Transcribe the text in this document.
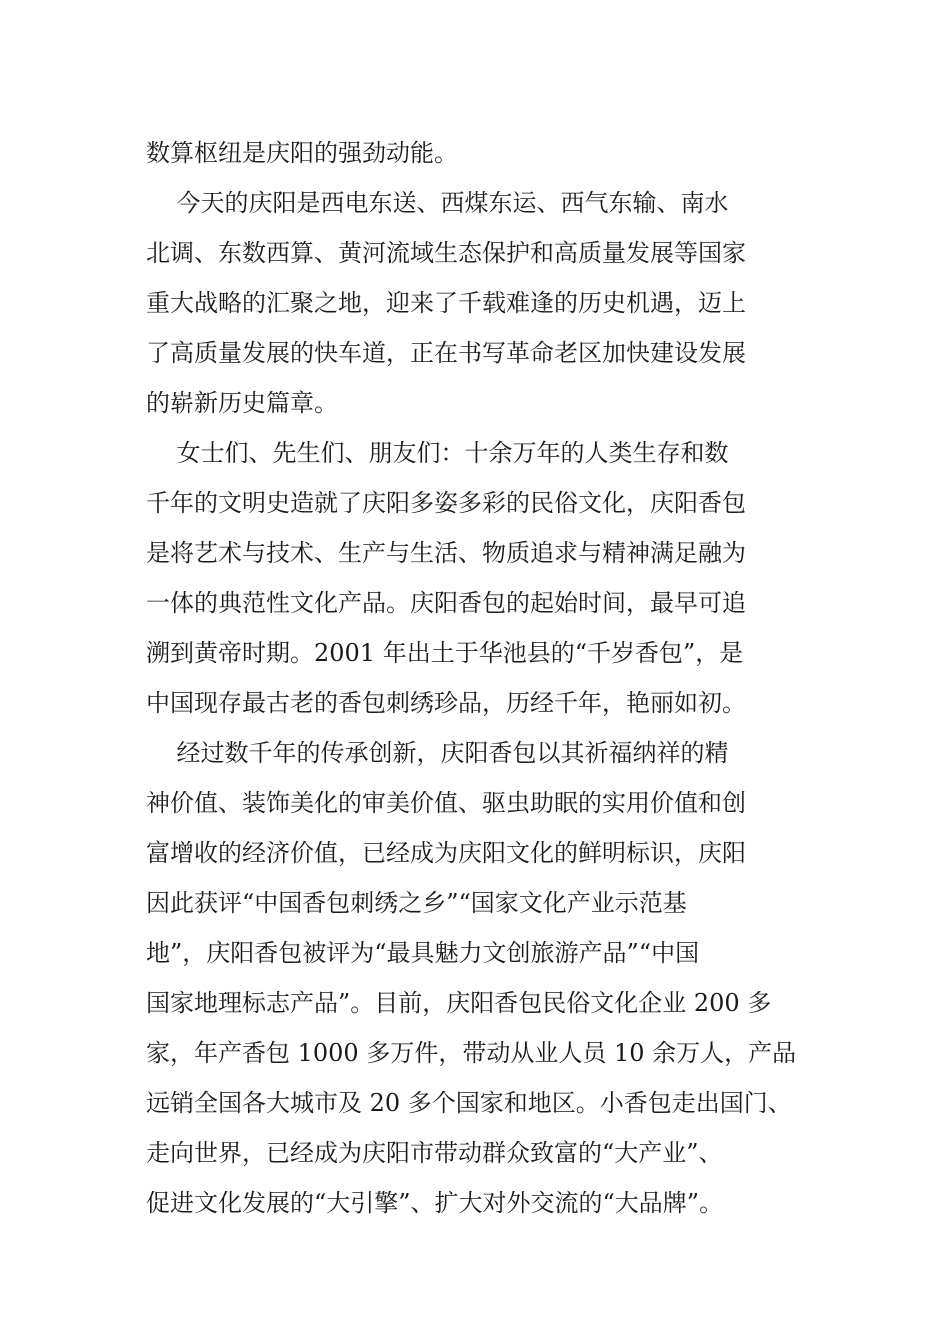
数算枢纽是庆阳的强劲动能。
今天的庆阳是西电东送、西煤东运、西气东输、南水
北调、东数西算、黄河流域生态保护和高质量发展等国家
重大战略的汇聚之地，迎来了千载难逢的历史机遇，迈上
了高质量发展的快车道，正在书写革命老区加快建设发展
的崭新历史篇章。
女士们、先生们、朋友们：十余万年的人类生存和数
千年的文明史造就了庆阳多姿多彩的民俗文化，庆阳香包
是将艺术与技术、生产与生活、物质追求与精神满足融为
一体的典范性文化产品。庆阳香包的起始时间，最早可追
溯到黄帝时期。2001 年出土于华池县的“千岁香包”，是
中国现存最古老的香包刺绣珍品，历经千年，艳丽如初。
经过数千年的传承创新，庆阳香包以其祈福纳祥的精
神价值、装饰美化的审美价值、驱虫助眠的实用价值和创
富增收的经济价值，已经成为庆阳文化的鲜明标识，庆阳
因此获评“中国香包刺绣之乡”“国家文化产业示范基
地”，庆阳香包被评为“最具魅力文创旅游产品”“中国
国家地理标志产品”。目前，庆阳香包民俗文化企业 200 多
家，年产香包 1000 多万件，带动从业人员 10 余万人，产品
远销全国各大城市及 20 多个国家和地区。小香包走出国门、
走向世界，已经成为庆阳市带动群众致富的“大产业”、
促进文化发展的“大引擎”、扩大对外交流的“大品牌”。
